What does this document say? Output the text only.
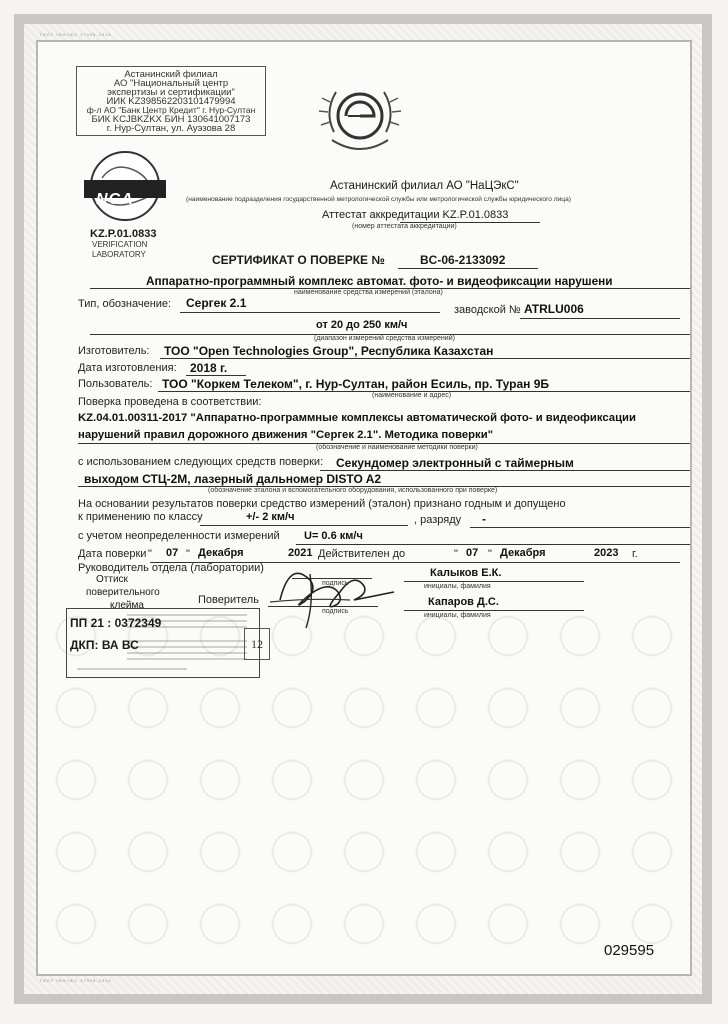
ГОСТ ISO/IEC 17025-2019
ГОСТ ISO/IEC 17025-2019
Астанинский филиал
АО "Национальный центр
экспертизы и сертификации"
ИИК KZ398562203101479994
ф-л АО "Банк Центр Кредит" г. Нур-Султан
БИК KCJBKZKX БИН 130641007173
г. Нур-Султан, ул. Ауэзова 28
NCA
KZ.P.01.0833
VERIFICATION
LABORATORY
Астанинский филиал АО "НаЦЭкС"
(наименование подразделения государственной метрологической службы или метрологической службы юридического лица)
Аттестат аккредитации KZ.P.01.0833
(номер аттестата аккредитации)
СЕРТИФИКАТ О ПОВЕРКЕ №	BC-06-2133092
Аппаратно-программный комплекс автомат. фото- и видеофиксации нарушени
наименование средства измерений (эталона)
Тип, обозначение: Сергек 2.1	заводской № ATRLU006
от 20 до 250 км/ч
(диапазон измерений средства измерений)
Изготовитель: ТОО "Open Technologies Group", Республика Казахстан
Дата изготовления: 2018 г.
Пользователь: ТОО "Коркем Телеком", г. Нур-Султан, район Есиль, пр. Туран 9Б
(наименование и адрес)
Поверка проведена в соответствии:
KZ.04.01.00311-2017 "Аппаратно-программные комплексы автоматической фото- и видеофиксации
нарушений правил дорожного движения "Сергек 2.1". Методика поверки"
(обозначение и наименование методики поверки)
с использованием следующих средств поверки: Секундомер электронный с таймерным
выходом СТЦ-2М, лазерный дальномер DISTO A2
(обозначение эталона и вспомогательного оборудования, использованного при поверке)
На основании результатов поверки средство измерений (эталон) признано годным и допущено
к применению по классу	+/- 2 км/ч	, разряду -
с учетом неопределенности измерений U= 0.6 км/ч
Дата поверки " 07 " Декабря	2021 Действителен до	" 07 " Декабря	2023 г.
Руководитель отдела (лаборатории)
подпись
Калыков Е.К.
инициалы, фамилия
Оттиск
поверительного
клейма	Поверитель
подпись
Капаров Д.С.
инициалы, фамилия
ПП 21 : 0372349
ДКП: ВА ВС	12
029595
